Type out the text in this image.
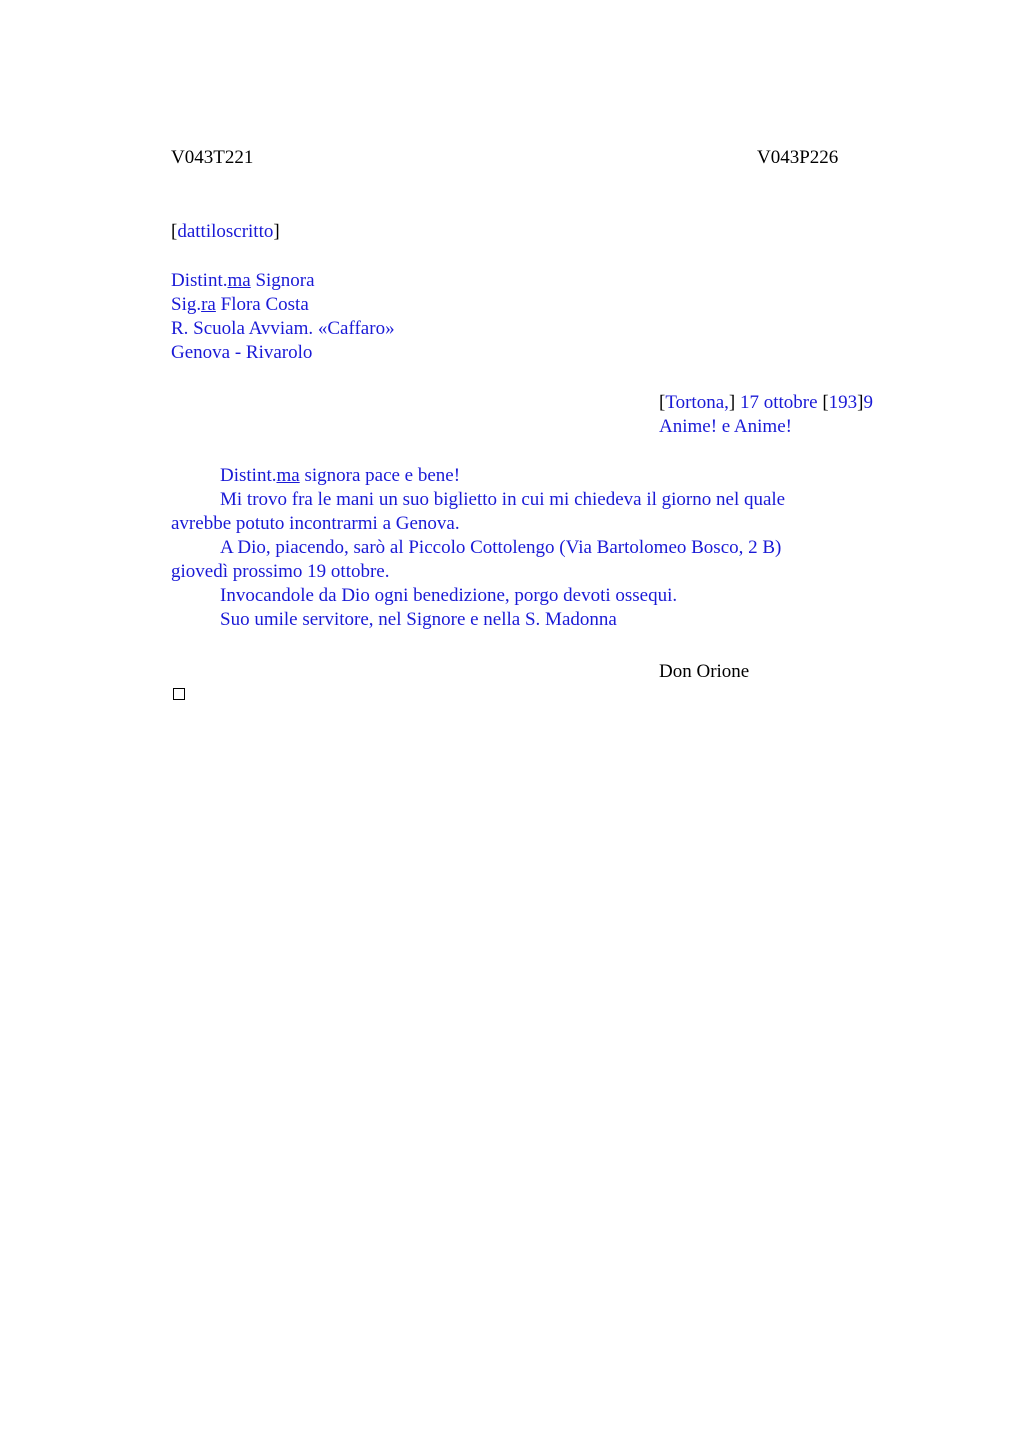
V043T221	V043P226
[dattiloscritto]
Distint.ma Signora
Sig.ra Flora Costa
R. Scuola Avviam. «Caffaro»
Genova - Rivarolo
[Tortona,] 17 ottobre [193]9
Anime! e Anime!
Distint.ma signora pace e bene!
Mi trovo fra le mani un suo biglietto in cui mi chiedeva il giorno nel quale
avrebbe potuto incontrarmi a Genova.
A Dio, piacendo, sarò al Piccolo Cottolengo (Via Bartolomeo Bosco, 2 B)
giovedì prossimo 19 ottobre.
Invocandole da Dio ogni benedizione, porgo devoti ossequi.
Suo umile servitore, nel Signore e nella S. Madonna
Don Orione
